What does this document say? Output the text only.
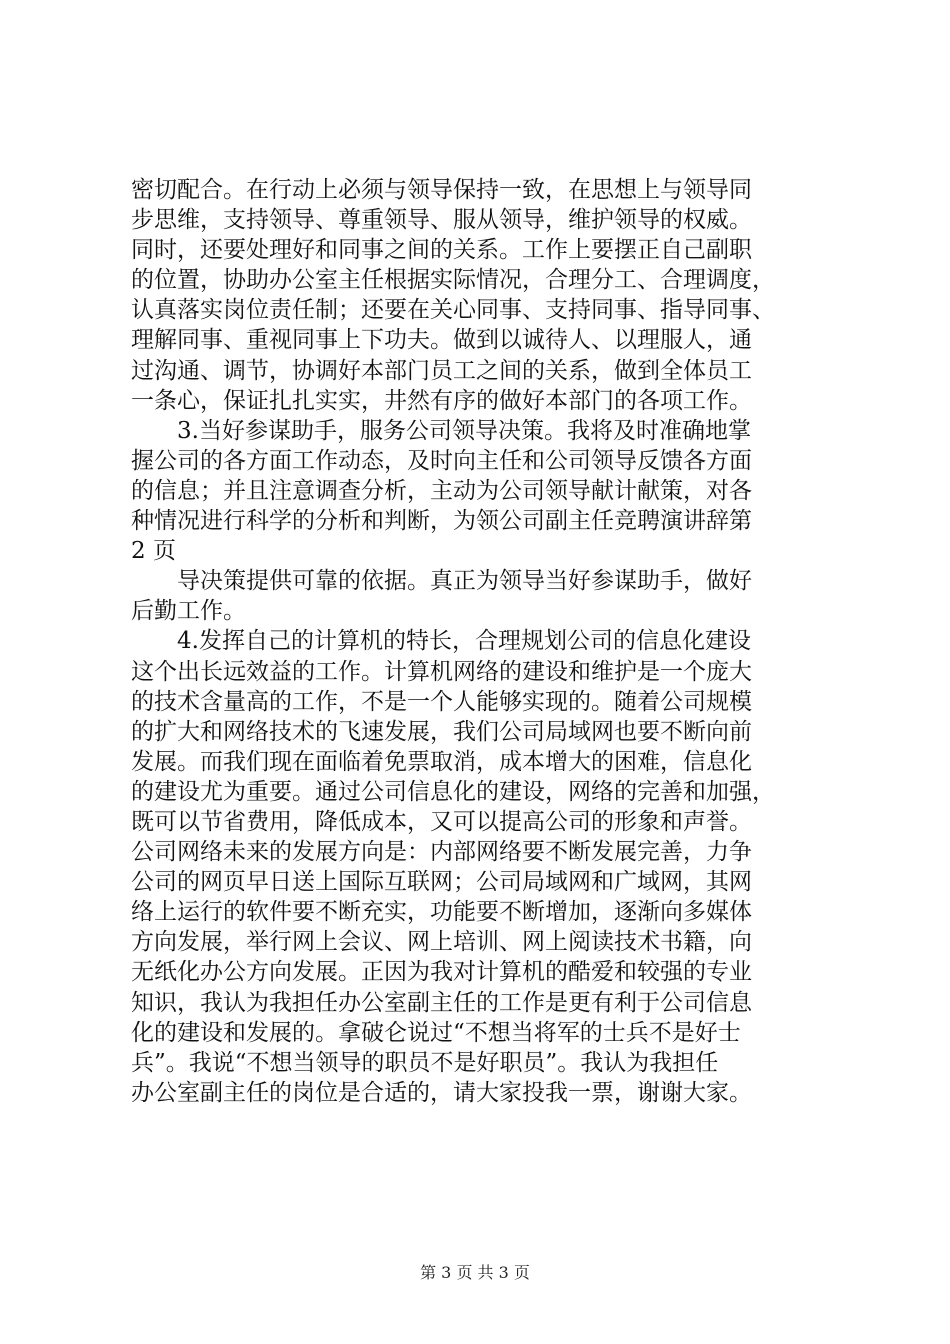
密切配合。在行动上必须与领导保持一致，在思想上与领导同
步思维，支持领导、尊重领导、服从领导，维护领导的权威。
同时，还要处理好和同事之间的关系。工作上要摆正自己副职
的位置，协助办公室主任根据实际情况，合理分工、合理调度，
认真落实岗位责任制；还要在关心同事、支持同事、指导同事、
理解同事、重视同事上下功夫。做到以诚待人、以理服人，通
过沟通、调节，协调好本部门员工之间的关系，做到全体员工
一条心，保证扎扎实实，井然有序的做好本部门的各项工作。
3.当好参谋助手，服务公司领导决策。我将及时准确地掌
握公司的各方面工作动态，及时向主任和公司领导反馈各方面
的信息；并且注意调查分析，主动为公司领导献计献策，对各
种情况进行科学的分析和判断，为领公司副主任竞聘演讲辞第
2 页
导决策提供可靠的依据。真正为领导当好参谋助手，做好
后勤工作。
4.发挥自己的计算机的特长，合理规划公司的信息化建设
这个出长远效益的工作。计算机网络的建设和维护是一个庞大
的技术含量高的工作，不是一个人能够实现的。随着公司规模
的扩大和网络技术的飞速发展，我们公司局域网也要不断向前
发展。而我们现在面临着免票取消，成本增大的困难，信息化
的建设尤为重要。通过公司信息化的建设，网络的完善和加强，
既可以节省费用，降低成本，又可以提高公司的形象和声誉。
公司网络未来的发展方向是：内部网络要不断发展完善，力争
公司的网页早日送上国际互联网；公司局域网和广域网，其网
络上运行的软件要不断充实，功能要不断增加，逐渐向多媒体
方向发展，举行网上会议、网上培训、网上阅读技术书籍，向
无纸化办公方向发展。正因为我对计算机的酷爱和较强的专业
知识，我认为我担任办公室副主任的工作是更有利于公司信息
化的建设和发展的。拿破仑说过“不想当将军的士兵不是好士
兵”。我说“不想当领导的职员不是好职员”。我认为我担任
办公室副主任的岗位是合适的，请大家投我一票，谢谢大家。
第 3 页 共 3 页
